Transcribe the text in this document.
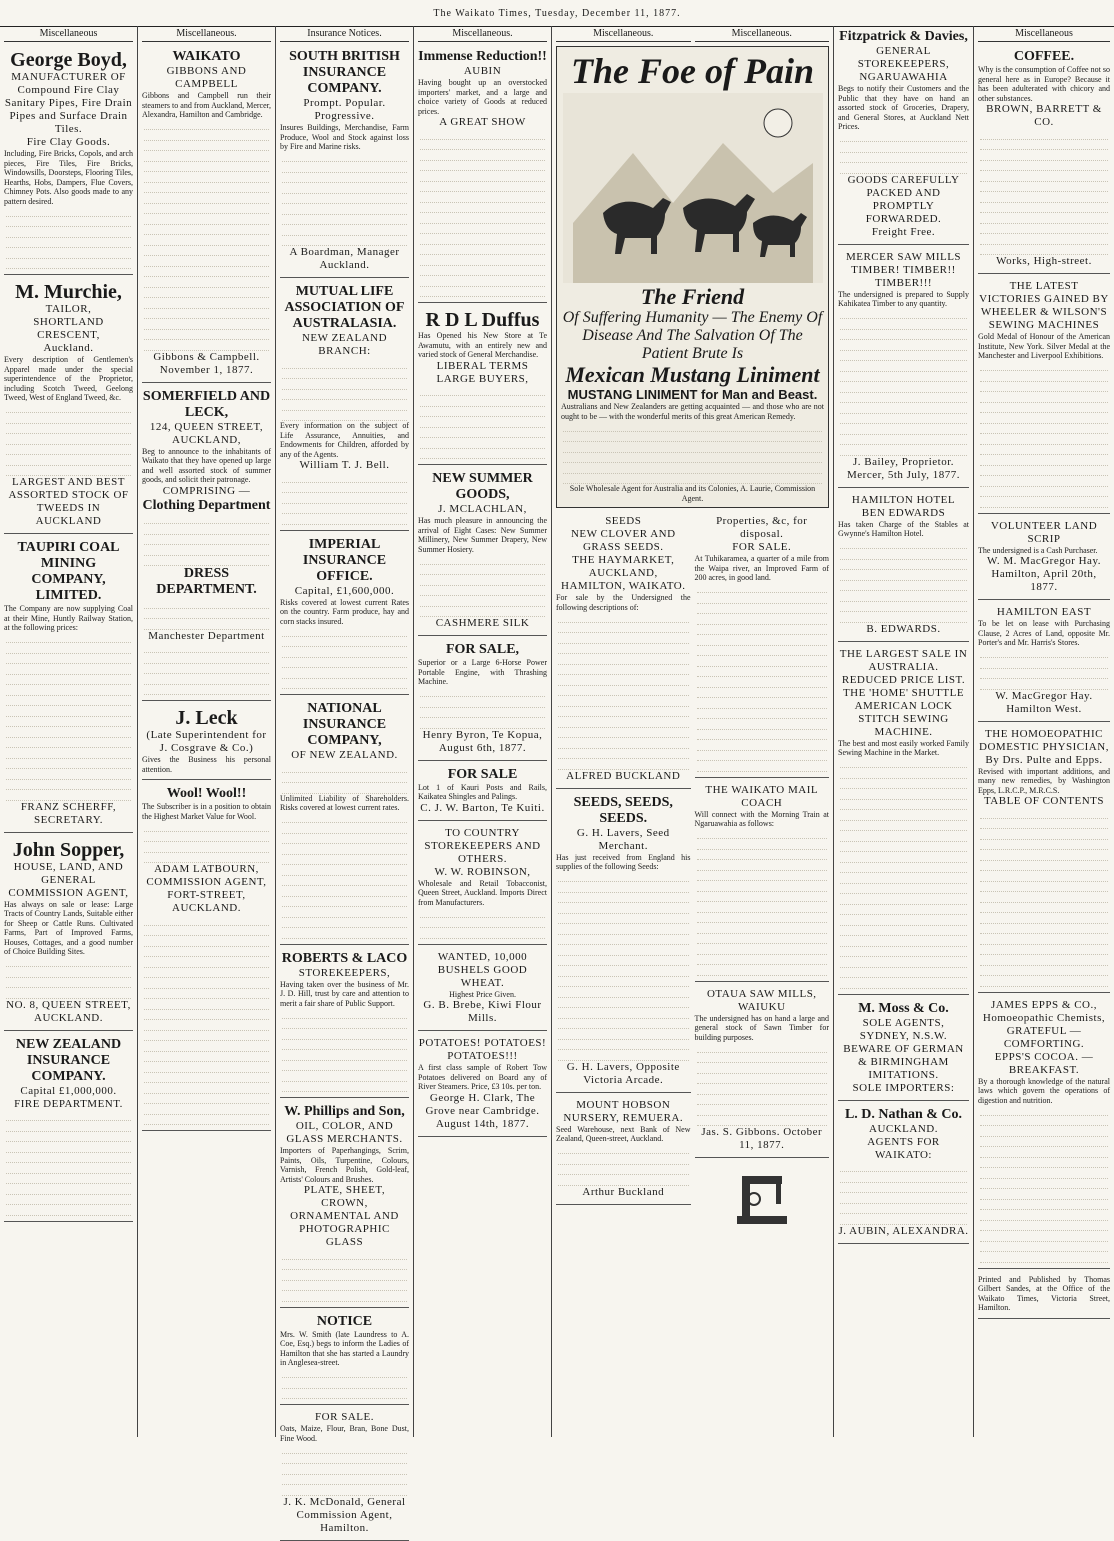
The Waikato Times, Tuesday, December 11, 1877.
Miscellaneous
George Boyd,
MANUFACTURER OF
Compound Fire Clay Sanitary Pipes, Fire Drain Pipes and Surface Drain Tiles.
Fire Clay Goods.
Including, Fire Bricks, Copols, and arch pieces, Fire Tiles, Fire Bricks, Windowsills, Doorsteps, Flooring Tiles, Hearths, Hobs, Dampers, Flue Covers, Chimney Pots. Also goods made to any pattern desired.
M. Murchie,
TAILOR,
SHORTLAND CRESCENT,
Auckland.
Every description of Gentlemen's Apparel made under the special superintendence of the Proprietor, including Scotch Tweed, Geelong Tweed, West of England Tweed, &c.
LARGEST AND BEST ASSORTED STOCK OF TWEEDS IN AUCKLAND
TAUPIRI COAL MINING COMPANY, LIMITED.
The Company are now supplying Coal at their Mine, Huntly Railway Station, at the following prices:
FRANZ SCHERFF, SECRETARY.
John Sopper,
HOUSE, LAND, AND GENERAL COMMISSION AGENT,
Has always on sale or lease: Large Tracts of Country Lands, Suitable either for Sheep or Cattle Runs. Cultivated Farms, Part of Improved Farms, Houses, Cottages, and a good number of Choice Building Sites.
NO. 8, QUEEN STREET, AUCKLAND.
NEW ZEALAND INSURANCE COMPANY.
Capital £1,000,000.
FIRE DEPARTMENT.
Miscellaneous.
WAIKATO
GIBBONS AND CAMPBELL
Gibbons and Campbell run their steamers to and from Auckland, Mercer, Alexandra, Hamilton and Cambridge.
Gibbons & Campbell. November 1, 1877.
SOMERFIELD AND LECK,
124, QUEEN STREET,
AUCKLAND,
Beg to announce to the inhabitants of Waikato that they have opened up large and well assorted stock of summer goods, and solicit their patronage.
COMPRISING —
Clothing Department
DRESS DEPARTMENT.
Manchester Department
J. Leck
(Late Superintendent for J. Cosgrave & Co.)
Gives the Business his personal attention.
Wool! Wool!!
The Subscriber is in a position to obtain the Highest Market Value for Wool.
ADAM LATBOURN, COMMISSION AGENT, FORT-STREET, AUCKLAND.
Insurance Notices.
SOUTH BRITISH INSURANCE COMPANY.
Prompt. Popular. Progressive.
Insures Buildings, Merchandise, Farm Produce, Wool and Stock against loss by Fire and Marine risks.
A Boardman, Manager Auckland.
MUTUAL LIFE ASSOCIATION OF AUSTRALASIA.
NEW ZEALAND BRANCH:
Every information on the subject of Life Assurance, Annuities, and Endowments for Children, afforded by any of the Agents.
William T. J. Bell.
IMPERIAL INSURANCE OFFICE.
Capital, £1,600,000.
Risks covered at lowest current Rates on the country. Farm produce, hay and corn stacks insured.
NATIONAL INSURANCE COMPANY,
OF NEW ZEALAND.
Unlimited Liability of Shareholders. Risks covered at lowest current rates.
ROBERTS & LACO
STOREKEEPERS,
Having taken over the business of Mr. J. D. Hill, trust by care and attention to merit a fair share of Public Support.
W. Phillips and Son,
OIL, COLOR, AND GLASS MERCHANTS.
Importers of Paperhangings, Scrim, Paints, Oils, Turpentine, Colours, Varnish, French Polish, Gold-leaf, Artists' Colours and Brushes.
PLATE, SHEET, CROWN, ORNAMENTAL AND PHOTOGRAPHIC GLASS
NOTICE
Mrs. W. Smith (late Laundress to A. Coe, Esq.) begs to inform the Ladies of Hamilton that she has started a Laundry in Anglesea-street.
FOR SALE.
Oats, Maize, Flour, Bran, Bone Dust, Fine Wood.
J. K. McDonald, General Commission Agent, Hamilton.
Miscellaneous.
Immense Reduction!!
AUBIN
Having bought up an overstocked importers' market, and a large and choice variety of Goods at reduced prices.
A GREAT SHOW
R D L Duffus
Has Opened his New Store at Te Awamutu, with an entirely new and varied stock of General Merchandise.
LIBERAL TERMS
LARGE BUYERS,
NEW SUMMER GOODS,
J. MCLACHLAN,
Has much pleasure in announcing the arrival of Eight Cases: New Summer Millinery, New Summer Drapery, New Summer Hosiery.
CASHMERE SILK
FOR SALE,
Superior or a Large 6-Horse Power Portable Engine, with Thrashing Machine.
Henry Byron, Te Kopua, August 6th, 1877.
FOR SALE
Lot 1 of Kauri Posts and Rails, Kaikatea Shingles and Palings.
C. J. W. Barton, Te Kuiti.
TO COUNTRY STOREKEEPERS AND OTHERS.
W. W. ROBINSON,
Wholesale and Retail Tobacconist, Queen Street, Auckland. Imports Direct from Manufacturers.
WANTED, 10,000 BUSHELS GOOD WHEAT.
Highest Price Given.
G. B. Brebe, Kiwi Flour Mills.
POTATOES! POTATOES! POTATOES!!!
A first class sample of Robert Tow Potatoes delivered on Board any of River Steamers. Price, £3 10s. per ton.
George H. Clark, The Grove near Cambridge. August 14th, 1877.
Miscellaneous.	Miscellaneous.
The Foe of Pain
The Friend
Of Suffering Humanity — The Enemy Of Disease And The Salvation Of The Patient Brute Is
Mexican Mustang Liniment
MUSTANG LINIMENT for Man and Beast.
Australians and New Zealanders are getting acquainted — and those who are not ought to be — with the wonderful merits of this great American Remedy.
Sole Wholesale Agent for Australia and its Colonies, A. Laurie, Commission Agent.
SEEDS
NEW CLOVER AND GRASS SEEDS.
THE HAYMARKET, AUCKLAND,
HAMILTON, WAIKATO.
For sale by the Undersigned the following descriptions of:
ALFRED BUCKLAND
SEEDS, SEEDS, SEEDS.
G. H. Lavers, Seed Merchant.
Has just received from England his supplies of the following Seeds:
G. H. Lavers, Opposite Victoria Arcade.
MOUNT HOBSON NURSERY, REMUERA.
Seed Warehouse, next Bank of New Zealand, Queen-street, Auckland.
Arthur Buckland
Properties, &c, for disposal.
FOR SALE.
At Tuhikaramea, a quarter of a mile from the Waipa river, an Improved Farm of 200 acres, in good land.
THE WAIKATO MAIL COACH
Will connect with the Morning Train at Ngaruawahia as follows:
OTAUA SAW MILLS, WAIUKU
The undersigned has on hand a large and general stock of Sawn Timber for building purposes.
Jas. S. Gibbons. October 11, 1877.
Fitzpatrick & Davies,
GENERAL STOREKEEPERS,
NGARUAWAHIA
Begs to notify their Customers and the Public that they have on hand an assorted stock of Groceries, Drapery, and General Stores, at Auckland Nett Prices.
GOODS CAREFULLY PACKED AND PROMPTLY FORWARDED.
Freight Free.
MERCER SAW MILLS
TIMBER! TIMBER!! TIMBER!!!
The undersigned is prepared to Supply Kahikatea Timber to any quantity.
J. Bailey, Proprietor. Mercer, 5th July, 1877.
HAMILTON HOTEL
BEN EDWARDS
Has taken Charge of the Stables at Gwynne's Hamilton Hotel.
B. EDWARDS.
THE LARGEST SALE IN AUSTRALIA.
REDUCED PRICE LIST.
THE 'HOME' SHUTTLE
AMERICAN LOCK STITCH SEWING MACHINE.
The best and most easily worked Family Sewing Machine in the Market.
M. Moss & Co.
SOLE AGENTS,
SYDNEY, N.S.W.
BEWARE OF GERMAN & BIRMINGHAM IMITATIONS.
SOLE IMPORTERS:
L. D. Nathan & Co.
AUCKLAND.
AGENTS FOR WAIKATO:
J. AUBIN, ALEXANDRA.
Miscellaneous
COFFEE.
Why is the consumption of Coffee not so general here as in Europe? Because it has been adulterated with chicory and other substances.
BROWN, BARRETT & CO.
Works, High-street.
THE LATEST VICTORIES GAINED BY
WHEELER & WILSON'S
SEWING MACHINES
Gold Medal of Honour of the American Institute, New York. Silver Medal at the Manchester and Liverpool Exhibitions.
VOLUNTEER LAND SCRIP
The undersigned is a Cash Purchaser.
W. M. MacGregor Hay. Hamilton, April 20th, 1877.
HAMILTON EAST
To be let on lease with Purchasing Clause, 2 Acres of Land, opposite Mr. Porter's and Mr. Harris's Stores.
W. MacGregor Hay. Hamilton West.
THE HOMOEOPATHIC DOMESTIC PHYSICIAN,
By Drs. Pulte and Epps.
Revised with important additions, and many new remedies, by Washington Epps, L.R.C.P., M.R.C.S.
TABLE OF CONTENTS
JAMES EPPS & CO.,
Homoeopathic Chemists,
GRATEFUL — COMFORTING.
EPPS'S COCOA. — BREAKFAST.
By a thorough knowledge of the natural laws which govern the operations of digestion and nutrition.
Printed and Published by Thomas Gilbert Sandes, at the Office of the Waikato Times, Victoria Street, Hamilton.
